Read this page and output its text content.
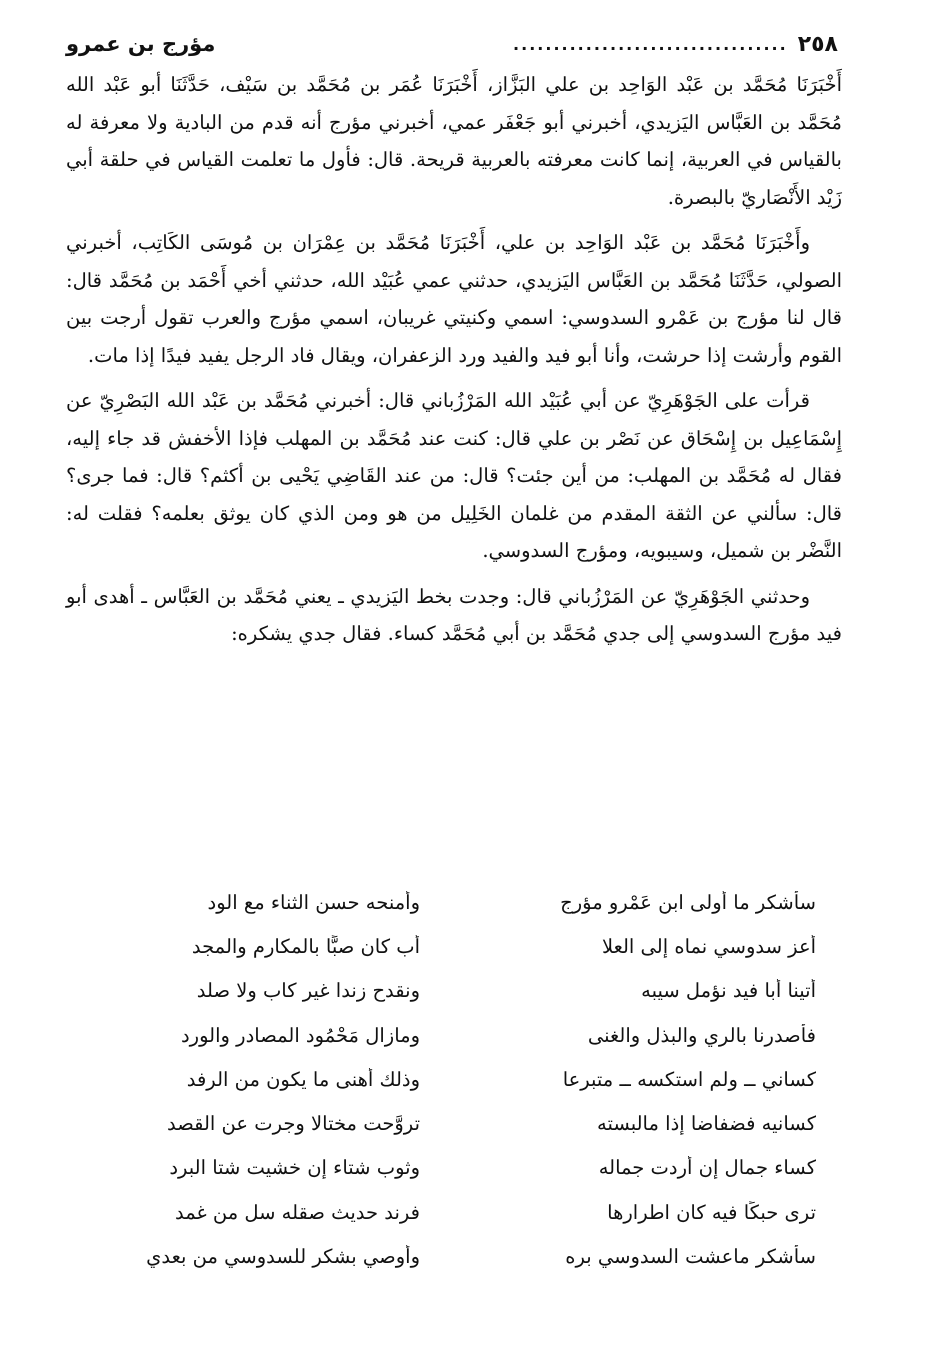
٢٥٨
..................................
مؤرج بن عمرو

أَخْبَرَنَا مُحَمَّد بن عَبْد الوَاحِد بن علي البَزَّاز، أَخْبَرَنَا عُمَر بن مُحَمَّد بن سَيْف، حَدَّثَنَا أبو عَبْد الله مُحَمَّد بن العَبَّاس اليَزيدي، أخبرني أبو جَعْفَر عمي، أخبرني مؤرج أنه قدم من البادية ولا معرفة له بالقياس في العربية، إنما كانت معرفته بالعربية قريحة. قال: فأول ما تعلمت القياس في حلقة أبي زَيْد الأَنْصَاريّ بالبصرة.

وأَخْبَرَنَا مُحَمَّد بن عَبْد الوَاحِد بن علي، أَخْبَرَنَا مُحَمَّد بن عِمْرَان بن مُوسَى الكَاتِب، أخبرني الصولي، حَدَّثَنَا مُحَمَّد بن العَبَّاس اليَزيدي، حدثني عمي عُبَيْد الله، حدثني أخي أَحْمَد بن مُحَمَّد قال: قال لنا مؤرج بن عَمْرو السدوسي: اسمي وكنيتي غريبان، اسمي مؤرج والعرب تقول أرجت بين القوم وأرشت إذا حرشت، وأنا أبو فيد والفيد ورد الزعفران، ويقال فاد الرجل يفيد فيدًا إذا مات.

قرأت على الجَوْهَرِيّ عن أبي عُبَيْد الله المَرْزُباني قال: أخبرني مُحَمَّد بن عَبْد الله البَصْرِيّ عن إِسْمَاعِيل بن إِسْحَاق عن نَصْر بن علي قال: كنت عند مُحَمَّد بن المهلب فإذا الأخفش قد جاء إليه، فقال له مُحَمَّد بن المهلب: من أين جئت؟ قال: من عند القَاضِي يَحْيى بن أكثم؟ قال: فما جرى؟ قال: سألني عن الثقة المقدم من غلمان الخَلِيل من هو ومن الذي كان يوثق بعلمه؟ فقلت له: النَّضْر بن شميل، وسيبويه، ومؤرج السدوسي.

وحدثني الجَوْهَرِيّ عن المَرْزُباني قال: وجدت بخط اليَزيدي ـ يعني مُحَمَّد بن العَبَّاس ـ أهدى أبو فيد مؤرج السدوسي إلى جدي مُحَمَّد بن أبي مُحَمَّد كساء. فقال جدي يشكره:

سأشكر ما أولى ابن عَمْرو مؤرج
وأمنحه حسن الثناء مع الود
أعز سدوسي نماه إلى العلا
أب كان صبًّا بالمكارم والمجد
أتينا أبا فيد نؤمل سيبه
ونقدح زندا غير كاب ولا صلد
فأصدرنا بالري والبذل والغنى
ومازال مَحْمُود المصادر والورد
كساني ــ ولم استكسه ــ متبرعا
وذلك أهنى ما يكون من الرفد
كسانيه فضفاضا إذا مالبسته
تروَّحت مختالا وجرت عن القصد
كساء جمال إن أردت جماله
وثوب شتاء إن خشيت شتا البرد
ترى حبكًا فيه كان اطرارها
فرند حديث صقله سل من غمد
سأشكر ماعشت السدوسي بره
وأوصي بشكر للسدوسي من بعدي
